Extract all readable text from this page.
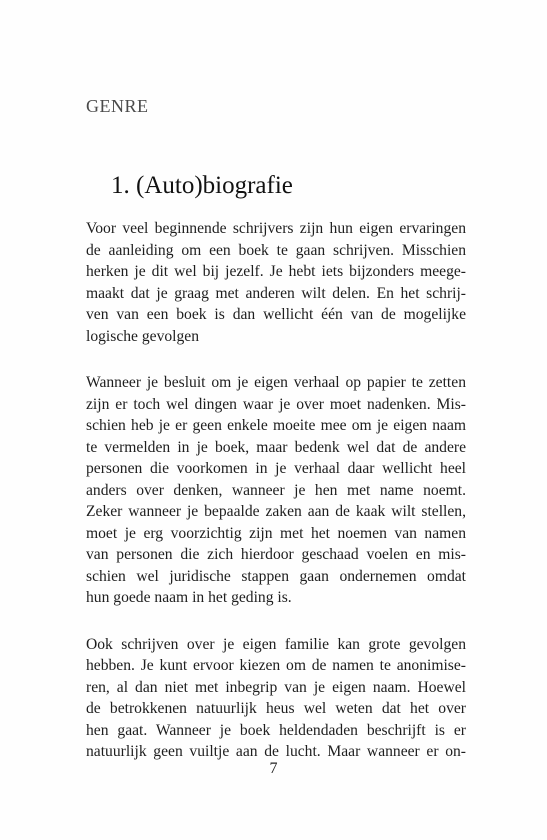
GENRE
1. (Auto)biografie

Voor veel beginnende schrijvers zijn hun eigen ervaringen
de aanleiding om een boek te gaan schrijven. Misschien
herken je dit wel bij jezelf. Je hebt iets bijzonders meege-
maakt dat je graag met anderen wilt delen. En het schrij-
ven van een boek is dan wellicht één van de mogelijke
logische gevolgen

Wanneer je besluit om je eigen verhaal op papier te zetten
zijn er toch wel dingen waar je over moet nadenken. Mis-
schien heb je er geen enkele moeite mee om je eigen naam
te vermelden in je boek, maar bedenk wel dat de andere
personen die voorkomen in je verhaal daar wellicht heel
anders over denken, wanneer je hen met name noemt.
Zeker wanneer je bepaalde zaken aan de kaak wilt stellen,
moet je erg voorzichtig zijn met het noemen van namen
van personen die zich hierdoor geschaad voelen en mis-
schien wel juridische stappen gaan ondernemen omdat
hun goede naam in het geding is.

Ook schrijven over je eigen familie kan grote gevolgen
hebben. Je kunt ervoor kiezen om de namen te anonimise-
ren, al dan niet met inbegrip van je eigen naam. Hoewel
de betrokkenen natuurlijk heus wel weten dat het over
hen gaat. Wanneer je boek heldendaden beschrijft is er
natuurlijk geen vuiltje aan de lucht. Maar wanneer er on-

7
